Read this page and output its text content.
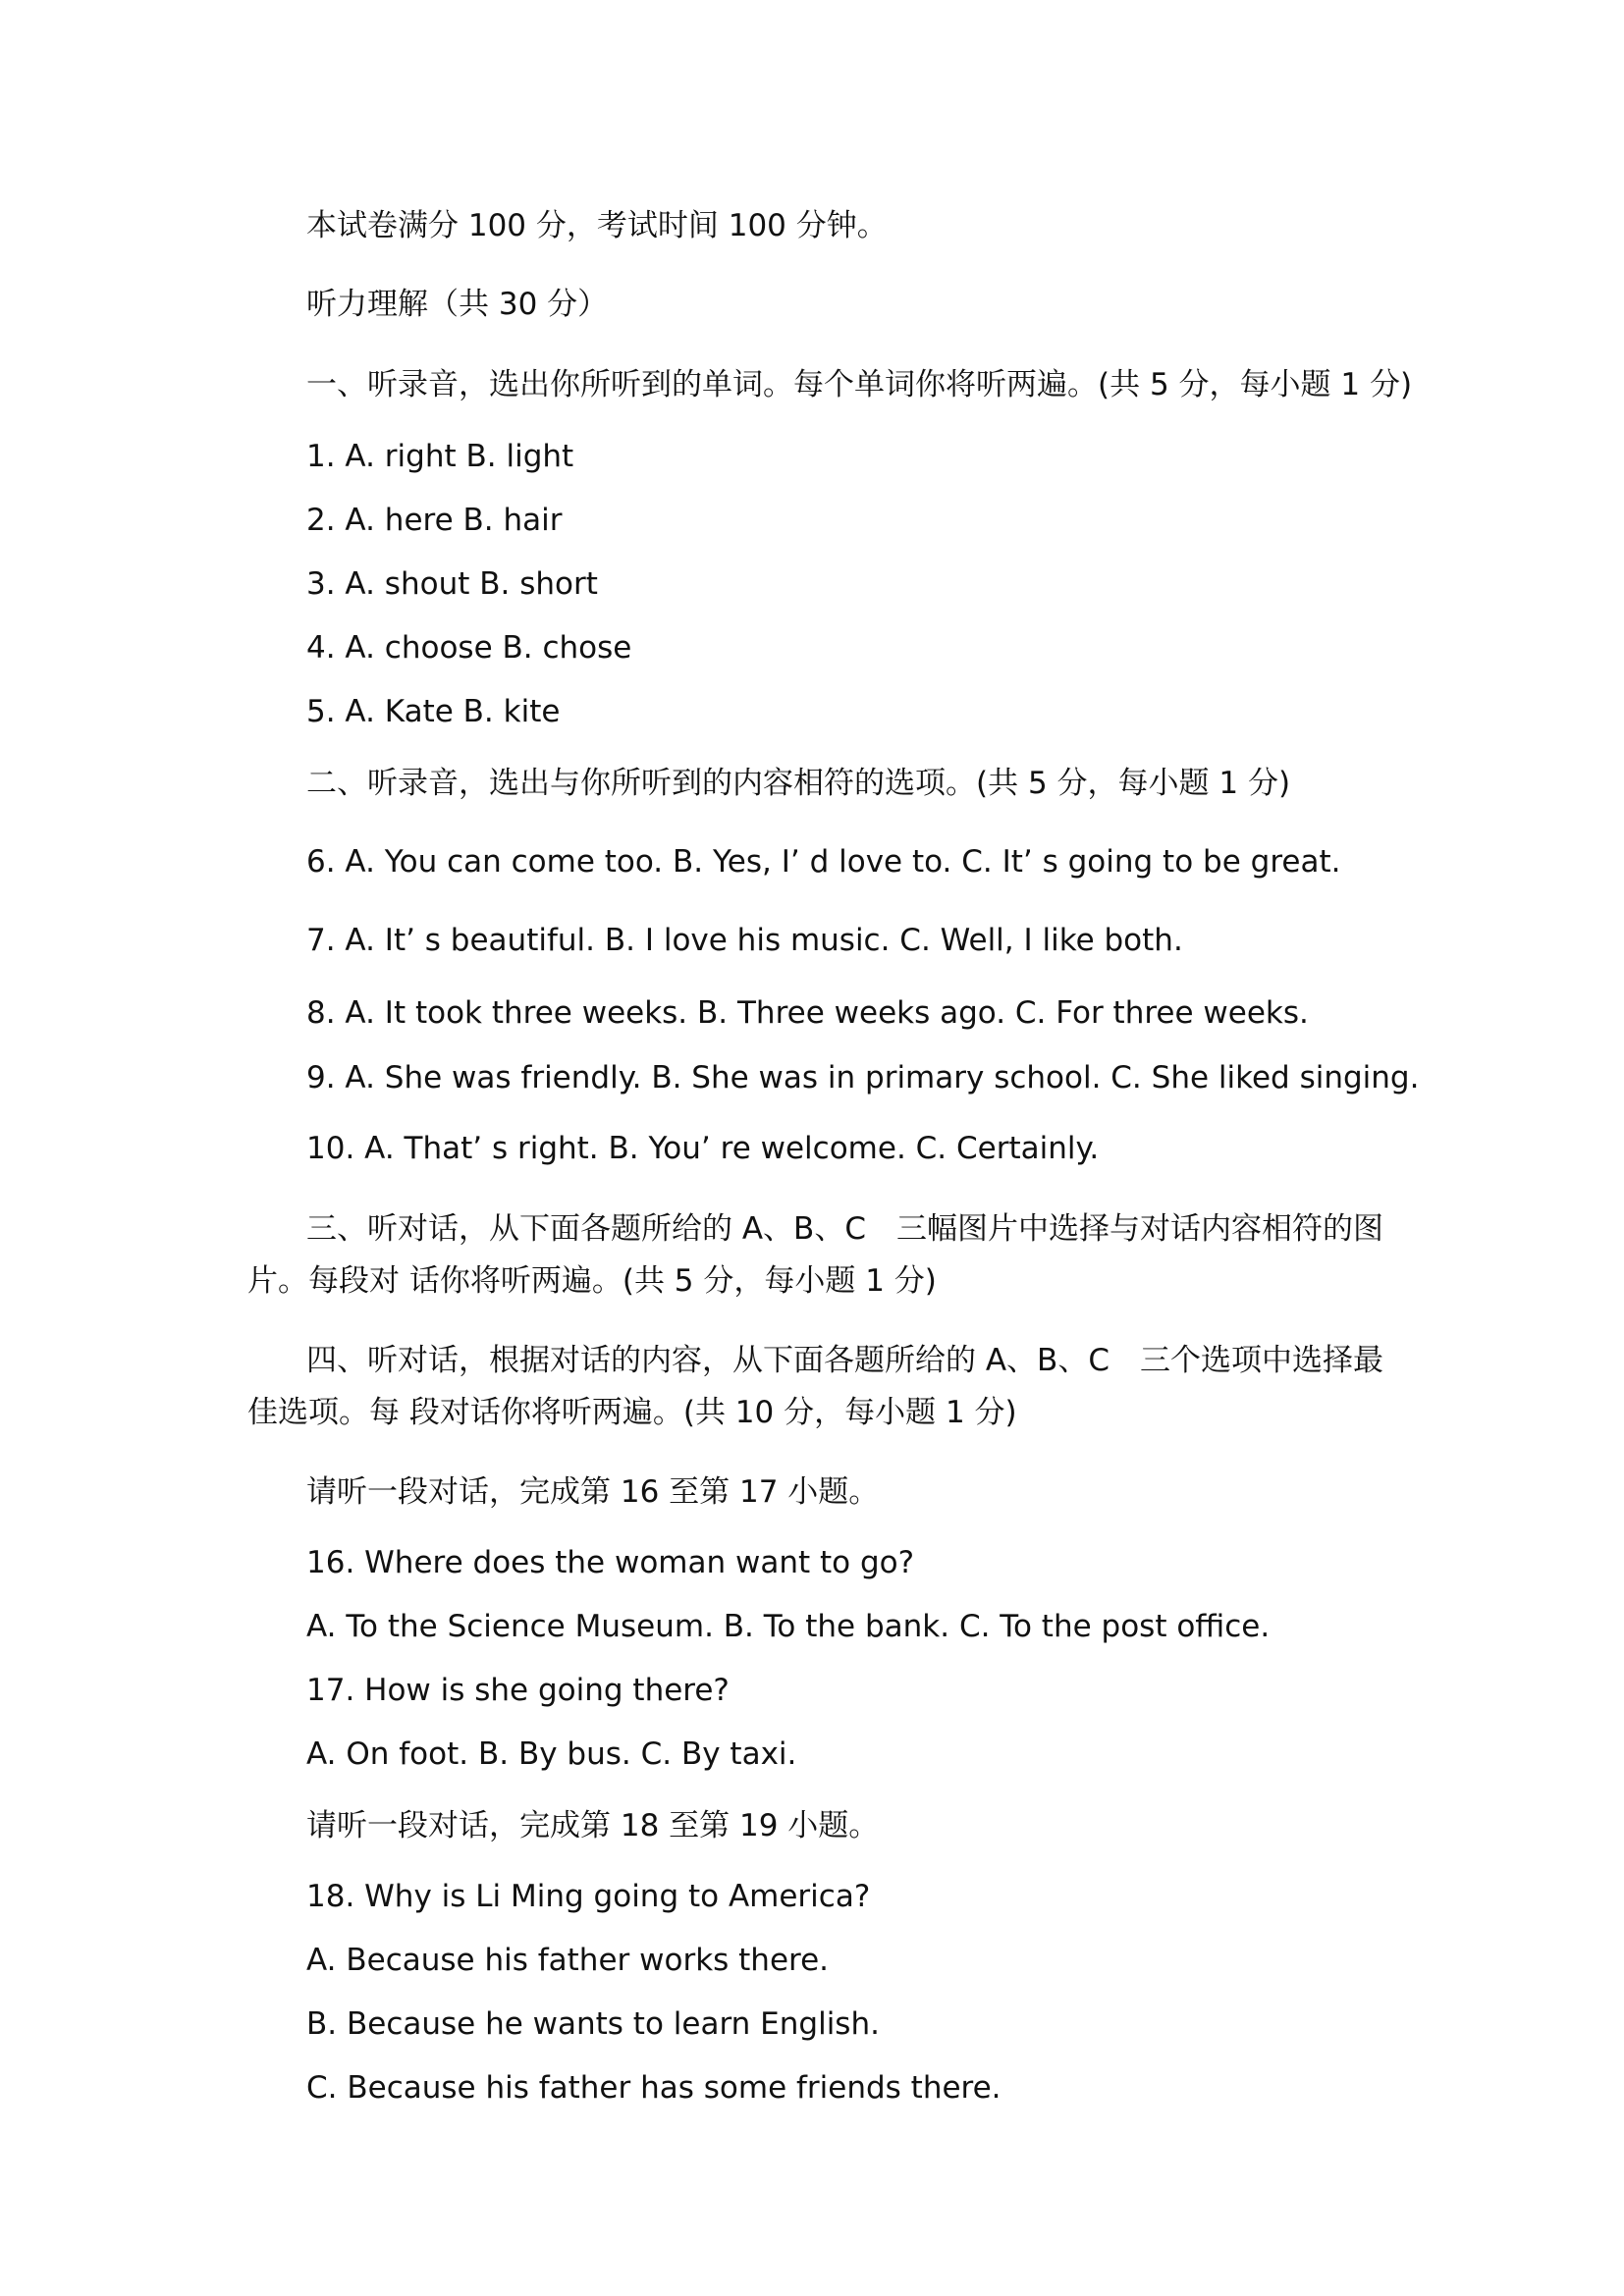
本试卷满分 100 分，考试时间 100 分钟。
听力理解（共 30 分）
一、听录音，选出你所听到的单词。每个单词你将听两遍。(共 5 分，每小题 1 分)
1. A. right B. light
2. A. here B. hair
3. A. shout B. short
4. A. choose B. chose
5. A. Kate B. kite
二、听录音，选出与你所听到的内容相符的选项。(共 5 分，每小题 1 分)
6. A. You can come too. B. Yes, I’ d love to. C. It’ s going to be great.
7. A. It’ s beautiful. B. I love his music. C. Well, I like both.
8. A. It took three weeks. B. Three weeks ago. C. For three weeks.
9. A. She was friendly. B. She was in primary school. C. She liked singing.
10. A. That’ s right. B. You’ re welcome. C. Certainly.
三、听对话，从下面各题所给的 A、B、C　三幅图片中选择与对话内容相符的图片。每段对 话你将听两遍。(共 5 分，每小题 1 分)
四、听对话，根据对话的内容，从下面各题所给的 A、B、C　三个选项中选择最佳选项。每 段对话你将听两遍。(共 10 分，每小题 1 分)
请听一段对话，完成第 16 至第 17 小题。
16. Where does the woman want to go?
A. To the Science Museum. B. To the bank. C. To the post office.
17. How is she going there?
A. On foot. B. By bus. C. By taxi.
请听一段对话，完成第 18 至第 19 小题。
18. Why is Li Ming going to America?
A. Because his father works there.
B. Because he wants to learn English.
C. Because his father has some friends there.
